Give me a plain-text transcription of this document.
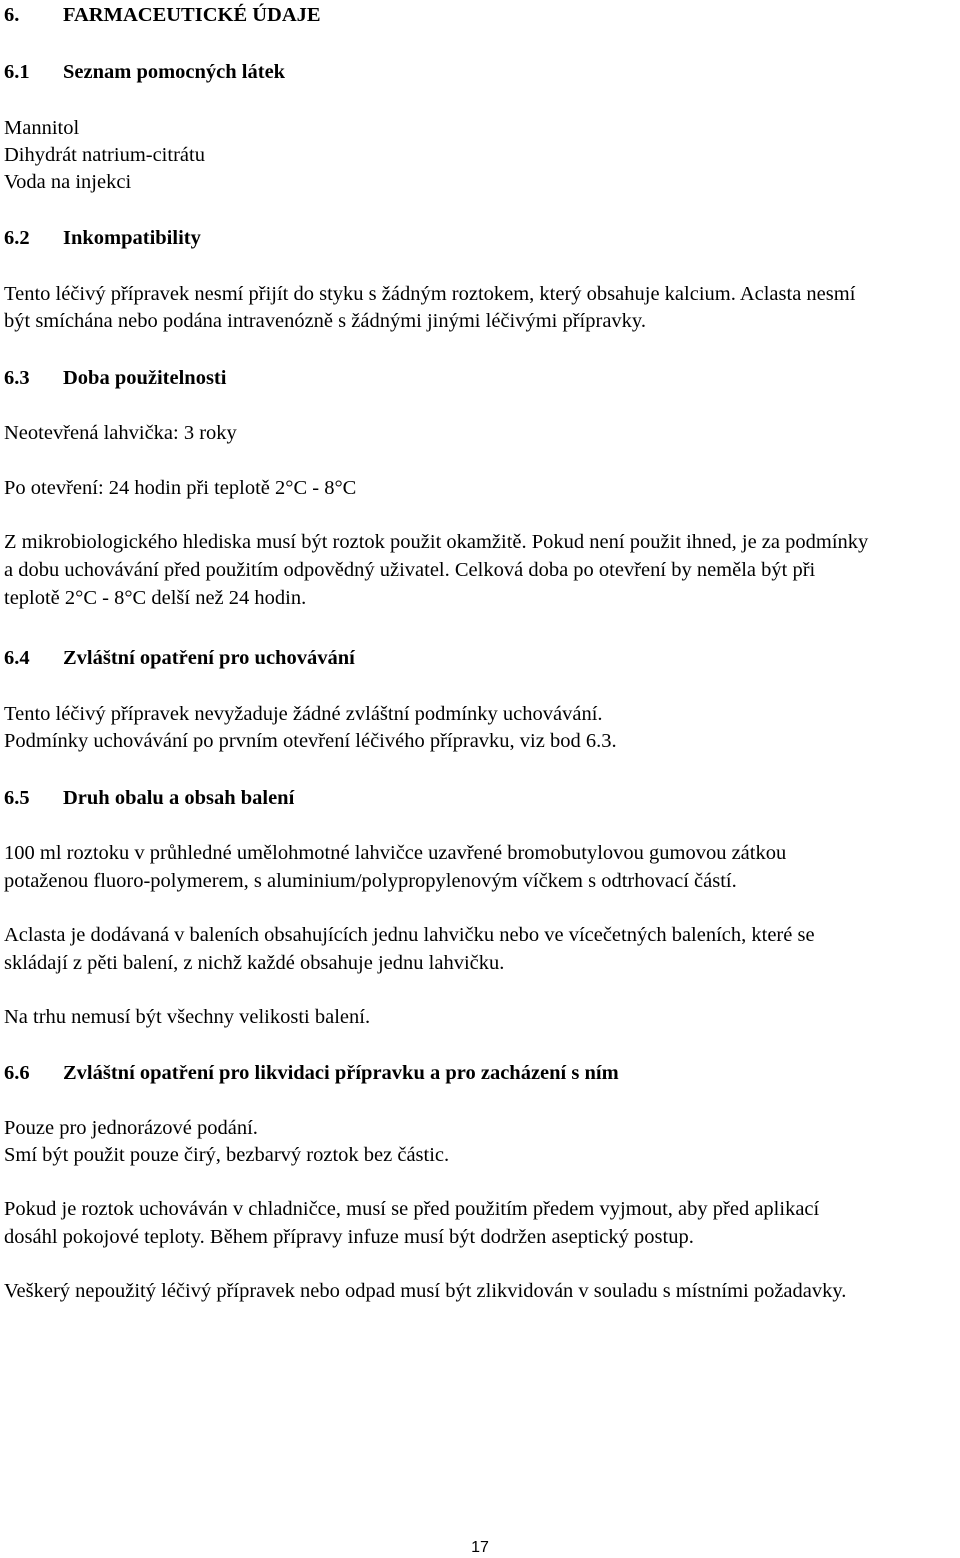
6. FARMACEUTICKÉ ÚDAJE

6.1 Seznam pomocných látek

Mannitol

Dihydrát natrium-citrátu

Voda na injekci

6.2 Inkompatibility

Tento léčivý přípravek nesmí přijít do styku s žádným roztokem, který obsahuje kalcium. Aclasta nesmí

být smíchána nebo podána intravenózně s žádnými jinými léčivými přípravky.

6.3 Doba použitelnosti

Neotevřená lahvička: 3 roky

Po otevření: 24 hodin při teplotě 2°C - 8°C

Z mikrobiologického hlediska musí být roztok použit okamžitě. Pokud není použit ihned, je za podmínky

a dobu uchovávání před použitím odpovědný uživatel. Celková doba po otevření by neměla být při

teplotě 2°C - 8°C delší než 24 hodin.

6.4 Zvláštní opatření pro uchovávání

Tento léčivý přípravek nevyžaduje žádné zvláštní podmínky uchovávání.

Podmínky uchovávání po prvním otevření léčivého přípravku, viz bod 6.3.

6.5 Druh obalu a obsah balení

100 ml roztoku v průhledné umělohmotné lahvičce uzavřené bromobutylovou gumovou zátkou

potaženou fluoro-polymerem, s aluminium/polypropylenovým víčkem s odtrhovací částí.

Aclasta je dodávaná v baleních obsahujících jednu lahvičku nebo ve vícečetných baleních, které se

skládají z pěti balení, z nichž každé obsahuje jednu lahvičku.

Na trhu nemusí být všechny velikosti balení.

6.6 Zvláštní opatření pro likvidaci přípravku a pro zacházení s ním

Pouze pro jednorázové podání.

Smí být použit pouze čirý, bezbarvý roztok bez částic.

Pokud je roztok uchováván v chladničce, musí se před použitím předem vyjmout, aby před aplikací

dosáhl pokojové teploty. Během přípravy infuze musí být dodržen aseptický postup.

Veškerý nepoužitý léčivý přípravek nebo odpad musí být zlikvidován v souladu s místními požadavky.

17
